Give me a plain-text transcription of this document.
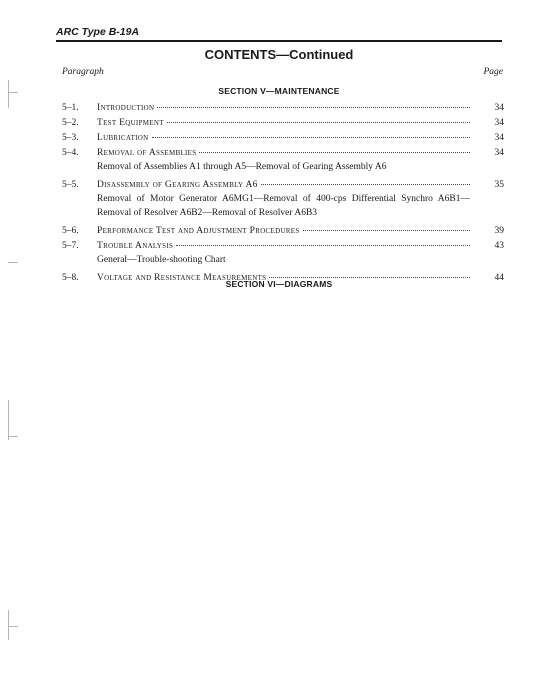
ARC Type B-19A
CONTENTS—Continued
Paragraph	Page
SECTION V—MAINTENANCE
5–1. Introduction	34
5–2. Test Equipment	34
5–3. Lubrication	34
5–4. Removal of Assemblies	34
Removal of Assemblies A1 through A5—Removal of Gearing Assembly A6
5–5. Disassembly of Gearing Assembly A6	35
Removal of Motor Generator A6MG1—Removal of 400-cps Differential Synchro A6B1—Removal of Resolver A6B2—Removal of Resolver A6B3
5–6. Performance Test and Adjustment Procedures	39
5–7. Trouble Analysis	43
General—Trouble-shooting Chart
5–8. Voltage and Resistance Measurements	44
SECTION VI—DIAGRAMS
